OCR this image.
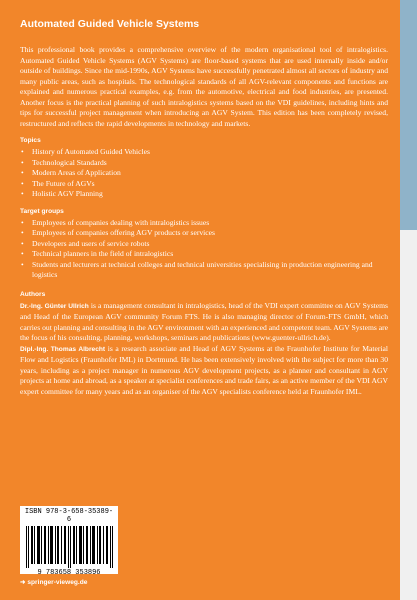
Automated Guided Vehicle Systems

This professional book provides a comprehensive overview of the modern organisational tool of intralogistics. Automated Guided Vehicle Systems (AGV Systems) are floor-based systems that are used internally inside and/or outside of buildings. Since the mid-1990s, AGV Systems have successfully penetrated almost all sectors of industry and many public areas, such as hospitals. The technological standards of all AGV-relevant components and functions are explained and numerous practical examples, e.g. from the automotive, electrical and food industries, are presented. Another focus is the practical planning of such intralogistics systems based on the VDI guidelines, including hints and tips for successful project management when introducing an AGV System. This edition has been completely revised, restructured and reflects the rapid developments in technology and markets.

Topics
• History of Automated Guided Vehicles
• Technological Standards
• Modern Areas of Application
• The Future of AGVs
• Holistic AGV Planning
Target groups
• Employees of companies dealing with intralogistics issues
• Employees of companies offering AGV products or services
• Developers and users of service robots
• Technical planners in the field of intralogistics
• Students and lecturers at technical colleges and technical universities specialising in production engineering and logistics
Authors

Dr.-Ing. Günter Ullrich is a management consultant in intralogistics, head of the VDI expert committee on AGV Systems and Head of the European AGV community Forum FTS. He is also managing director of Forum-FTS GmbH, which carries out planning and consulting in the AGV environment with an experienced and competent team. AGV Systems are the focus of his consulting, planning, workshops, seminars and publications (www.guenter-ullrich.de).

Dipl.-Ing. Thomas Albrecht is a research associate and Head of AGV Systems at the Fraunhofer Institute for Material Flow and Logistics (Fraunhofer IML) in Dortmund. He has been extensively involved with the subject for more than 30 years, including as a project manager in numerous AGV development projects, as a planner and consultant in AGV projects at home and abroad, as a speaker at specialist conferences and trade fairs, as an active member of the VDI AGV expert committee for many years and as an organiser of the AGV specialists conference held at Fraunhofer IML.

ISBN 978-3-658-35389-6
9 783658 353896
➜ springer-vieweg.de
